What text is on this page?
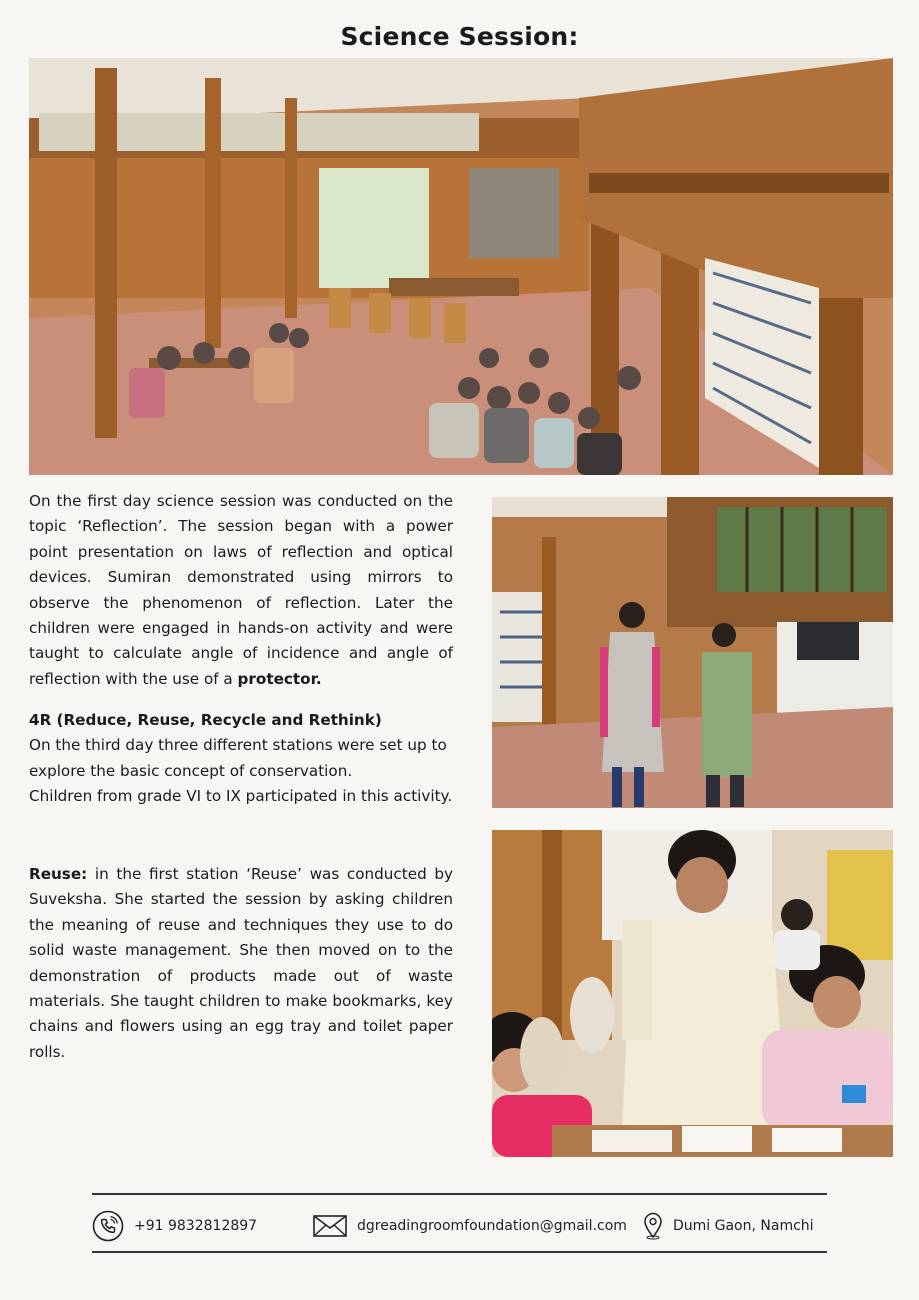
Science Session:

On the first day science session was conducted on the topic ‘Reflection’. The session began with a power point presentation on laws of reflection and optical devices. Sumiran demonstrated using mirrors to observe the phenomenon of reflection. Later the children were engaged in hands-on activity and were taught to calculate angle of incidence and angle of reflection with the use of a protector.

4R (Reduce, Reuse, Recycle and Rethink)

On the third day three different stations were set up to explore the basic concept of conservation.

Children from grade VI to IX participated in this activity.

Reuse: in the first station ‘Reuse’ was conducted by Suveksha. She started the session by asking children the meaning of reuse and techniques they use to do solid waste management. She then moved on to the demonstration of products made out of waste materials. She taught children to make bookmarks, key chains and flowers using an egg tray and toilet paper rolls.

+91 9832812897	dgreadingroomfoundation@gmail.com	Dumi Gaon, Namchi
